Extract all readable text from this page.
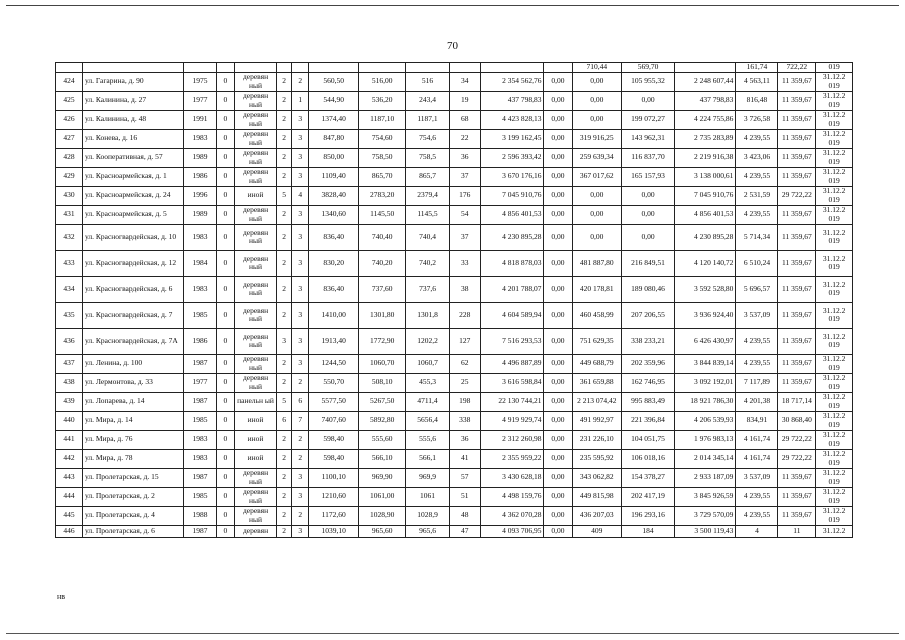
70
													710,44	569,70		161,74	722,22	019
424	ул. Гагарина, д. 90	1975	0	деревян ный	2	2	560,50	516,00	516	34	2 354 562,76	0,00	0,00	105 955,32	2 248 607,44	4 563,11	11 359,67	31.12.2 019
425	ул. Калинина, д. 27	1977	0	деревян ный	2	1	544,90	536,20	243,4	19	437 798,83	0,00	0,00	0,00	437 798,83	816,48	11 359,67	31.12.2 019
426	ул. Калинина, д. 48	1991	0	деревян ный	2	3	1374,40	1187,10	1187,1	68	4 423 828,13	0,00	0,00	199 072,27	4 224 755,86	3 726,58	11 359,67	31.12.2 019
427	ул. Конева, д. 16	1983	0	деревян ный	2	3	847,80	754,60	754,6	22	3 199 162,45	0,00	319 916,25	143 962,31	2 735 283,89	4 239,55	11 359,67	31.12.2 019
428	ул. Кооперативная, д. 57	1989	0	деревян ный	2	3	850,00	758,50	758,5	36	2 596 393,42	0,00	259 639,34	116 837,70	2 219 916,38	3 423,06	11 359,67	31.12.2 019
429	ул. Красноармейская, д. 1	1986	0	деревян ный	2	3	1109,40	865,70	865,7	37	3 670 176,16	0,00	367 017,62	165 157,93	3 138 000,61	4 239,55	11 359,67	31.12.2 019
430	ул. Красноармейская, д. 24	1996	0	иной	5	4	3828,40	2783,20	2379,4	176	7 045 910,76	0,00	0,00	0,00	7 045 910,76	2 531,59	29 722,22	31.12.2 019
431	ул. Красноармейская, д. 5	1989	0	деревян ный	2	3	1340,60	1145,50	1145,5	54	4 856 401,53	0,00	0,00	0,00	4 856 401,53	4 239,55	11 359,67	31.12.2 019
432	ул. Красногвардейская, д. 10	1983	0	деревян ный	2	3	836,40	740,40	740,4	37	4 230 895,28	0,00	0,00	0,00	4 230 895,28	5 714,34	11 359,67	31.12.2 019
433	ул. Красногвардейская, д. 12	1984	0	деревян ный	2	3	830,20	740,20	740,2	33	4 818 878,03	0,00	481 887,80	216 849,51	4 120 140,72	6 510,24	11 359,67	31.12.2 019
434	ул. Красногвардейская, д. 6	1983	0	деревян ный	2	3	836,40	737,60	737,6	38	4 201 788,07	0,00	420 178,81	189 080,46	3 592 528,80	5 696,57	11 359,67	31.12.2 019
435	ул. Красногвардейская, д. 7	1985	0	деревян ный	2	3	1410,00	1301,80	1301,8	228	4 604 589,94	0,00	460 458,99	207 206,55	3 936 924,40	3 537,09	11 359,67	31.12.2 019
436	ул. Красногвардейская, д. 7А	1986	0	деревян ный	3	3	1913,40	1772,90	1202,2	127	7 516 293,53	0,00	751 629,35	338 233,21	6 426 430,97	4 239,55	11 359,67	31.12.2 019
437	ул. Ленина, д. 100	1987	0	деревян ный	2	3	1244,50	1060,70	1060,7	62	4 496 887,89	0,00	449 688,79	202 359,96	3 844 839,14	4 239,55	11 359,67	31.12.2 019
438	ул. Лермонтова, д. 33	1977	0	деревян ный	2	2	550,70	508,10	455,3	25	3 616 598,84	0,00	361 659,88	162 746,95	3 092 192,01	7 117,89	11 359,67	31.12.2 019
439	ул. Лопарева, д. 14	1987	0	панельн ый	5	6	5577,50	5267,50	4711,4	198	22 130 744,21	0,00	2 213 074,42	995 883,49	18 921 786,30	4 201,38	18 717,14	31.12.2 019
440	ул. Мира, д. 14	1985	0	иной	6	7	7407,60	5892,80	5656,4	338	4 919 929,74	0,00	491 992,97	221 396,84	4 206 539,93	834,91	30 868,40	31.12.2 019
441	ул. Мира, д. 76	1983	0	иной	2	2	598,40	555,60	555,6	36	2 312 260,98	0,00	231 226,10	104 051,75	1 976 983,13	4 161,74	29 722,22	31.12.2 019
442	ул. Мира, д. 78	1983	0	иной	2	2	598,40	566,10	566,1	41	2 355 959,22	0,00	235 595,92	106 018,16	2 014 345,14	4 161,74	29 722,22	31.12.2 019
443	ул. Пролетарская, д. 15	1987	0	деревян ный	2	3	1100,10	969,90	969,9	57	3 430 628,18	0,00	343 062,82	154 378,27	2 933 187,09	3 537,09	11 359,67	31.12.2 019
444	ул. Пролетарская, д. 2	1985	0	деревян ный	2	3	1210,60	1061,00	1061	51	4 498 159,76	0,00	449 815,98	202 417,19	3 845 926,59	4 239,55	11 359,67	31.12.2 019
445	ул. Пролетарская, д. 4	1988	0	деревян ный	2	2	1172,60	1028,90	1028,9	48	4 362 070,28	0,00	436 207,03	196 293,16	3 729 570,09	4 239,55	11 359,67	31.12.2 019
446	ул. Пролетарская, д. 6	1987	0	деревян	2	3	1039,10	965,60	965,6	47	4 093 706,95	0,00	409	184	3 500 119,43	4	11	31.12.2
нв
